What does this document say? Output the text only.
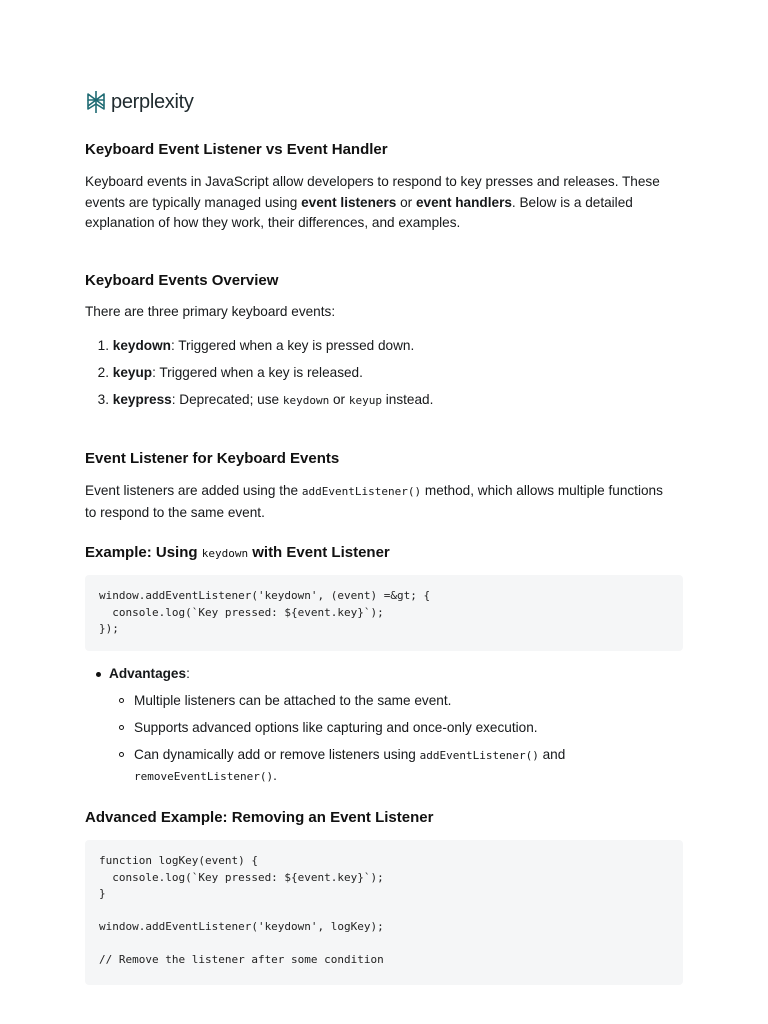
perplexity
Keyboard Event Listener vs Event Handler

Keyboard events in JavaScript allow developers to respond to key presses and releases. These
events are typically managed using event listeners or event handlers. Below is a detailed
explanation of how they work, their differences, and examples.

Keyboard Events Overview

There are three primary keyboard events:

1. keydown: Triggered when a key is pressed down.
2. keyup: Triggered when a key is released.
3. keypress: Deprecated; use keydown or keyup instead.
Event Listener for Keyboard Events

Event listeners are added using the addEventListener() method, which allows multiple functions
to respond to the same event.

Example: Using keydown with Event Listener
window.addEventListener('keydown', (event) =&gt; {
console.log(`Key pressed: ${event.key}`);
});
Advantages:
Multiple listeners can be attached to the same event.
Supports advanced options like capturing and once-only execution.
Can dynamically add or remove listeners using addEventListener() and
removeEventListener().
Advanced Example: Removing an Event Listener
function logKey(event) {
console.log(`Key pressed: ${event.key}`);
}

window.addEventListener('keydown', logKey);

// Remove the listener after some condition
